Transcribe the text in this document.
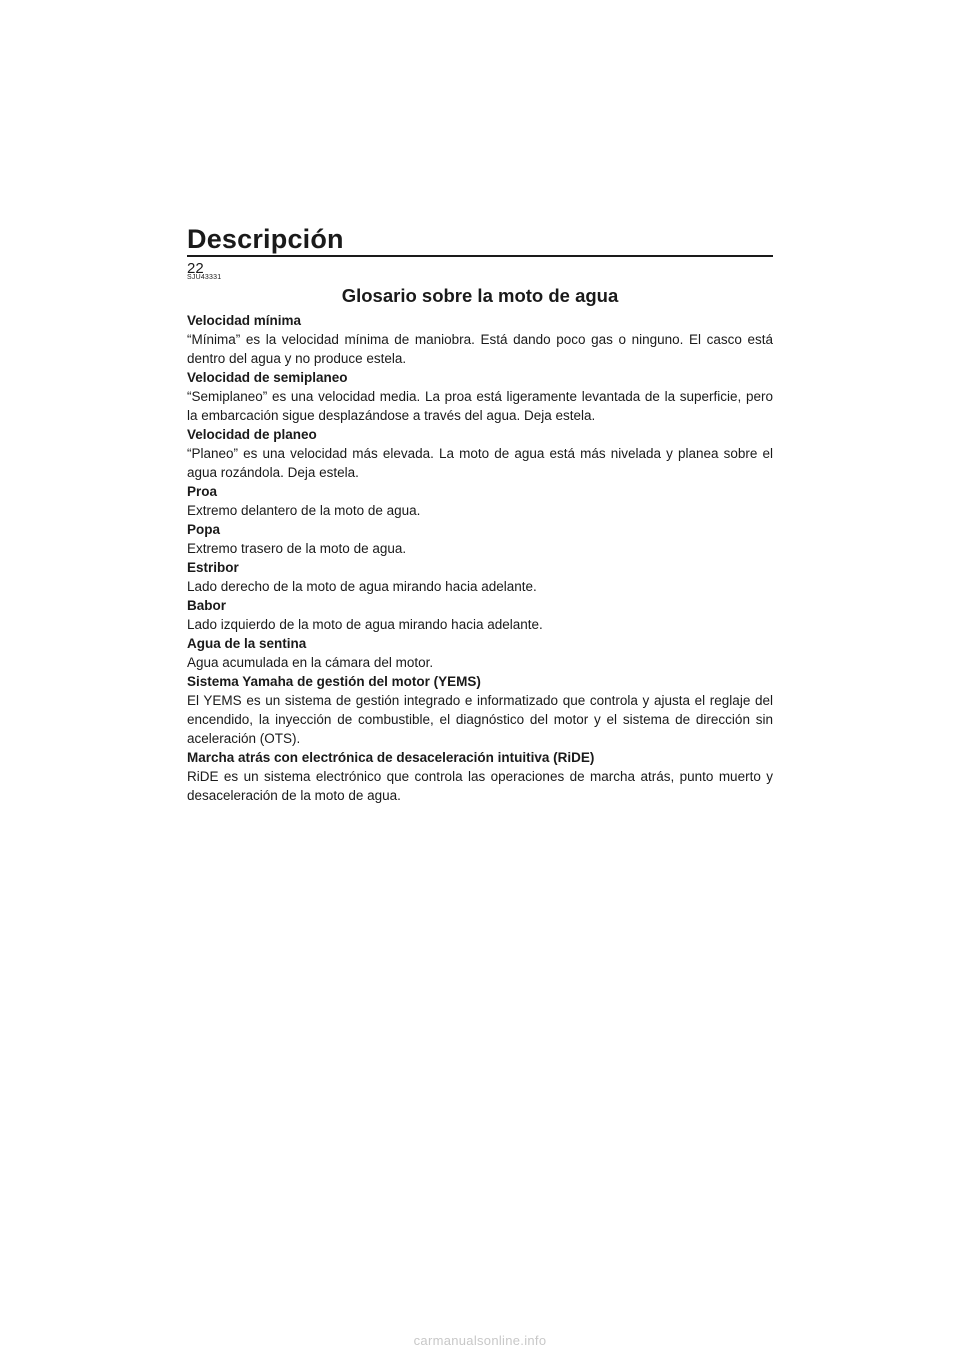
Descripción
22

SJU43331

Glosario sobre la moto de agua

Velocidad mínima

“Mínima” es la velocidad mínima de maniobra. Está dando poco gas o ninguno. El casco está dentro del agua y no produce estela.

Velocidad de semiplaneo

“Semiplaneo” es una velocidad media. La proa está ligeramente levantada de la superficie, pero la embarcación sigue desplazándose a través del agua. Deja estela.

Velocidad de planeo

“Planeo” es una velocidad más elevada. La moto de agua está más nivelada y planea sobre el agua rozándola. Deja estela.

Proa

Extremo delantero de la moto de agua.

Popa

Extremo trasero de la moto de agua.

Estribor

Lado derecho de la moto de agua mirando hacia adelante.

Babor

Lado izquierdo de la moto de agua mirando hacia adelante.

Agua de la sentina

Agua acumulada en la cámara del motor.

Sistema Yamaha de gestión del motor (YEMS)

El YEMS es un sistema de gestión integrado e informatizado que controla y ajusta el reglaje del encendido, la inyección de combustible, el diagnóstico del motor y el sistema de dirección sin aceleración (OTS).

Marcha atrás con electrónica de desaceleración intuitiva (RiDE)

RiDE es un sistema electrónico que controla las operaciones de marcha atrás, punto muerto y desaceleración de la moto de agua.

carmanualsonline.info
